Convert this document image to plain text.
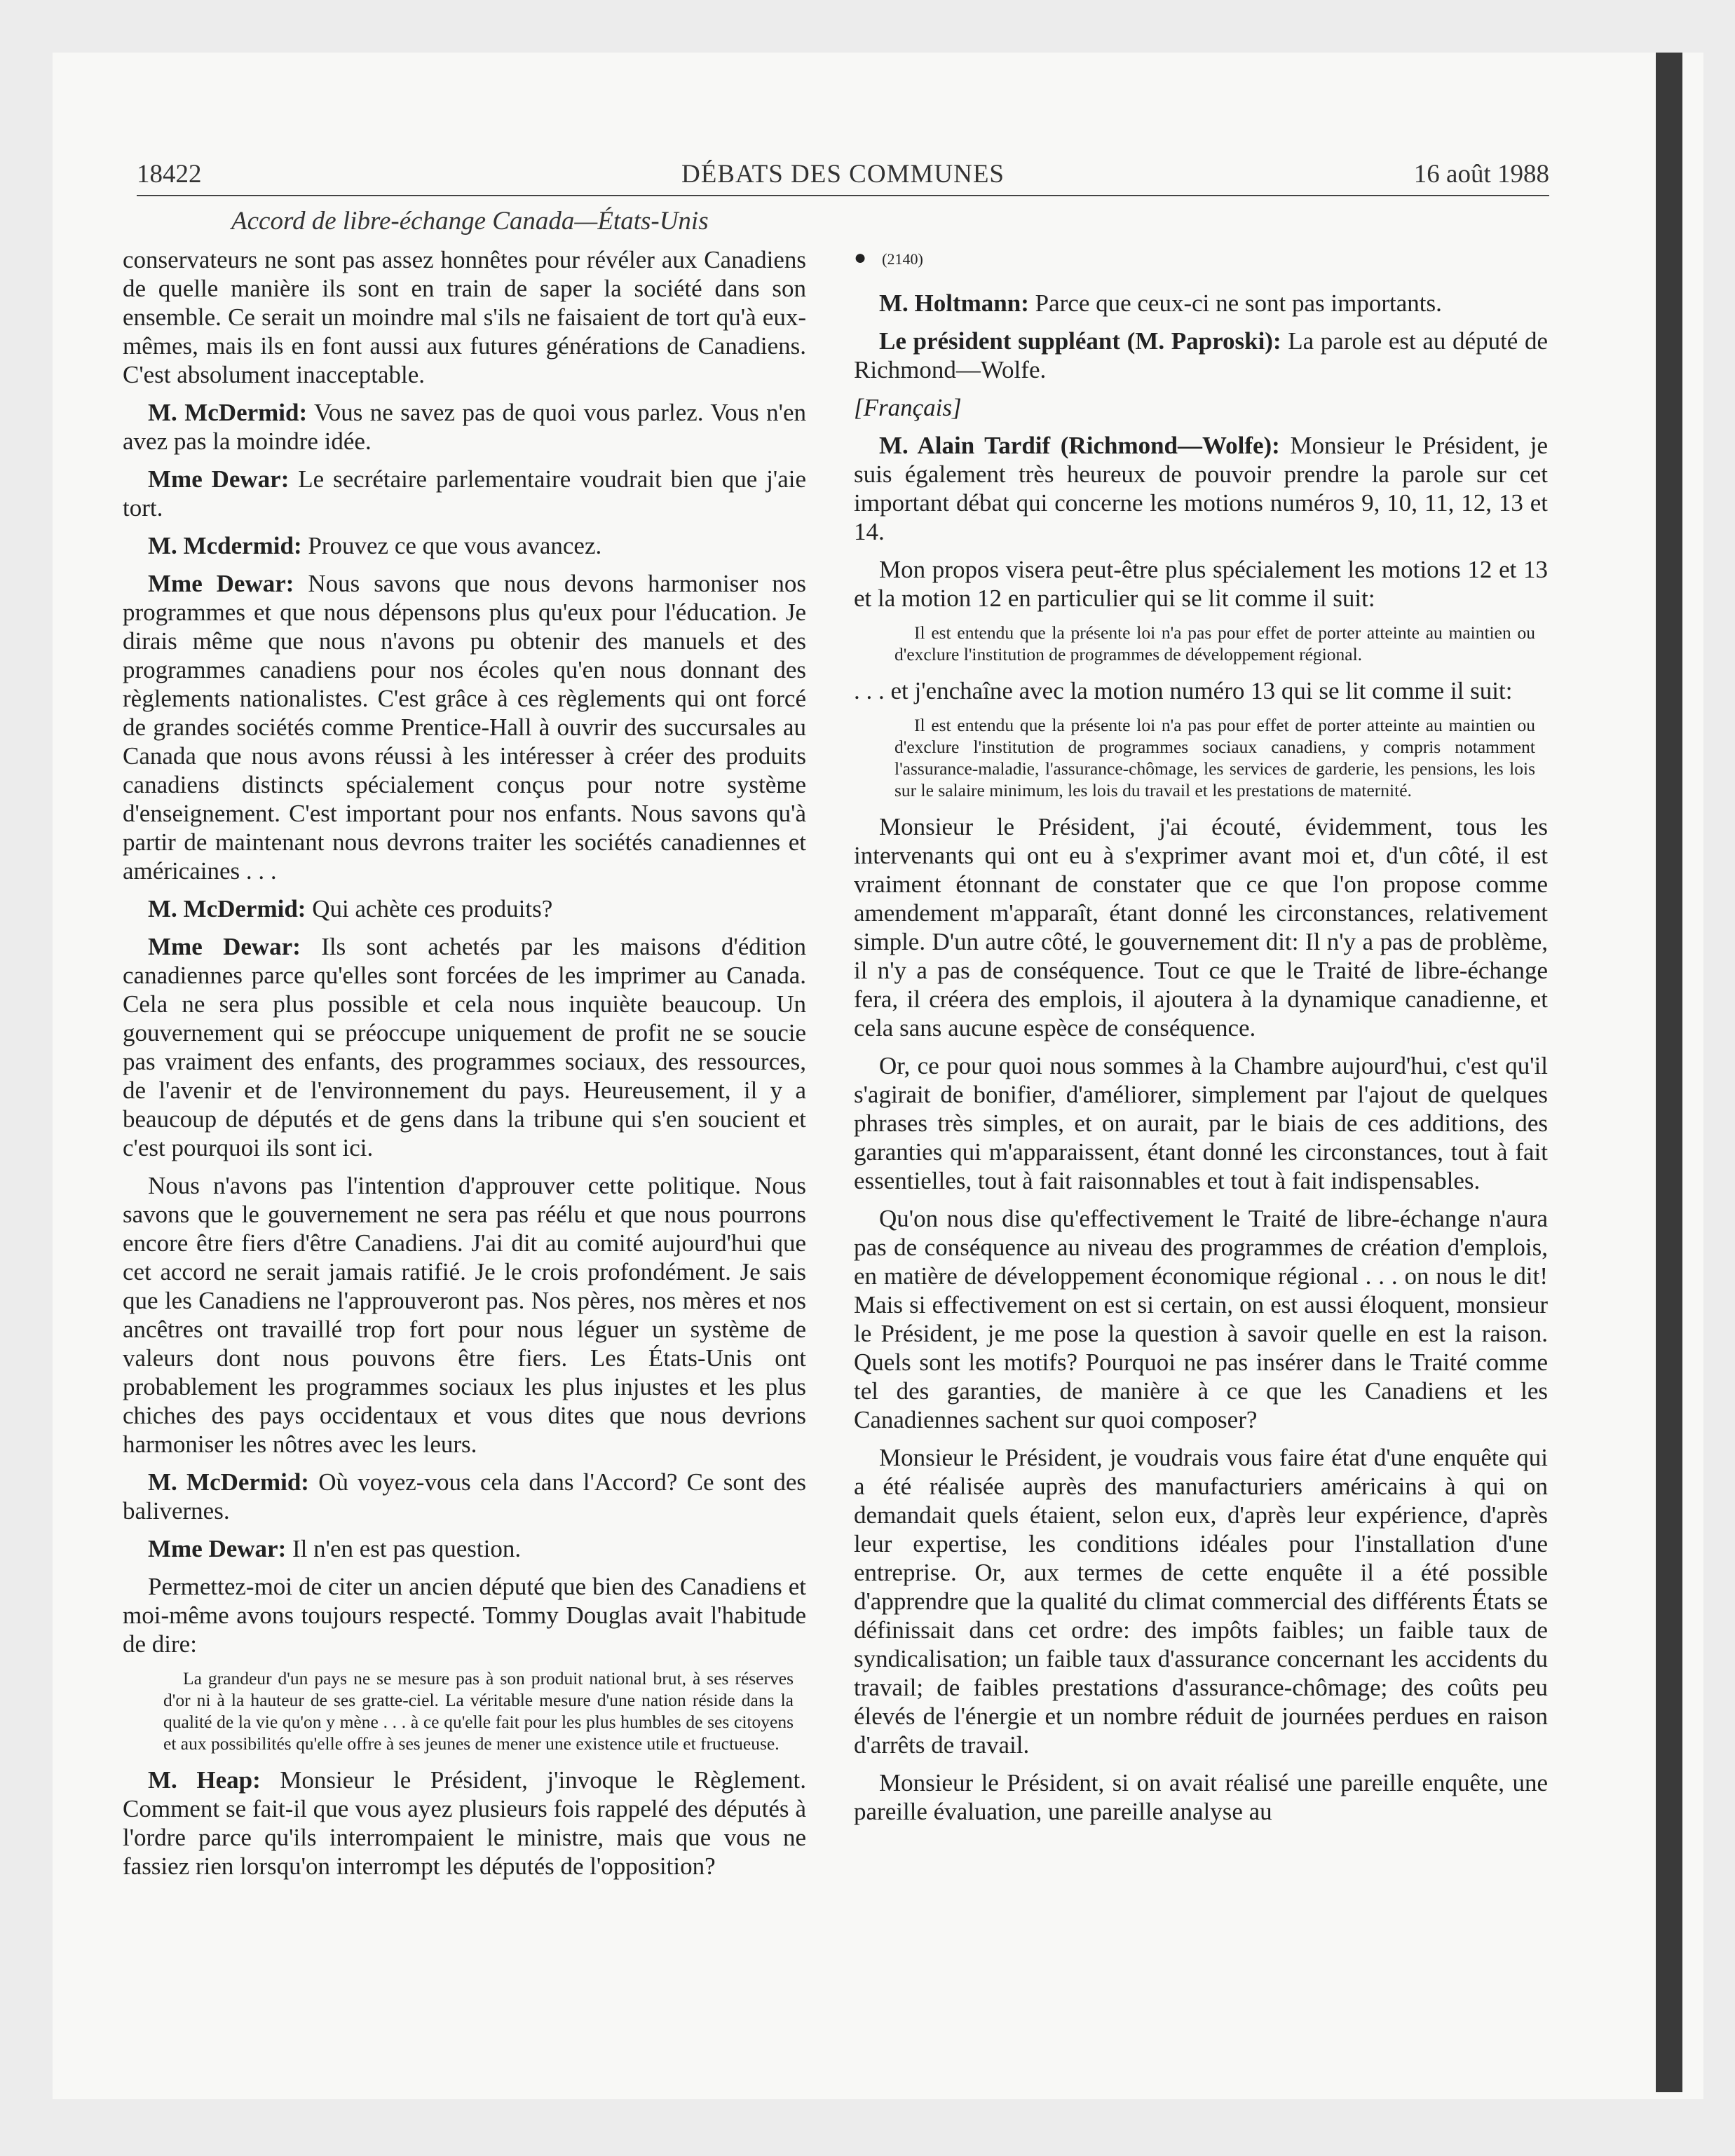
18422	DÉBATS DES COMMUNES	16 août 1988
Accord de libre-échange Canada—États-Unis

conservateurs ne sont pas assez honnêtes pour révéler aux Canadiens de quelle manière ils sont en train de saper la société dans son ensemble. Ce serait un moindre mal s'ils ne faisaient de tort qu'à eux-mêmes, mais ils en font aussi aux futures générations de Canadiens. C'est absolument inacceptable.

M. McDermid: Vous ne savez pas de quoi vous parlez. Vous n'en avez pas la moindre idée.

Mme Dewar: Le secrétaire parlementaire voudrait bien que j'aie tort.

M. Mcdermid: Prouvez ce que vous avancez.

Mme Dewar: Nous savons que nous devons harmoniser nos programmes et que nous dépensons plus qu'eux pour l'éducation. Je dirais même que nous n'avons pu obtenir des manuels et des programmes canadiens pour nos écoles qu'en nous donnant des règlements nationalistes. C'est grâce à ces règlements qui ont forcé de grandes sociétés comme Prentice-Hall à ouvrir des succursales au Canada que nous avons réussi à les intéresser à créer des produits canadiens distincts spécialement conçus pour notre système d'enseignement. C'est important pour nos enfants. Nous savons qu'à partir de maintenant nous devrons traiter les sociétés canadiennes et américaines . . .

M. McDermid: Qui achète ces produits?

Mme Dewar: Ils sont achetés par les maisons d'édition canadiennes parce qu'elles sont forcées de les imprimer au Canada. Cela ne sera plus possible et cela nous inquiète beaucoup. Un gouvernement qui se préoccupe uniquement de profit ne se soucie pas vraiment des enfants, des programmes sociaux, des ressources, de l'avenir et de l'environnement du pays. Heureusement, il y a beaucoup de députés et de gens dans la tribune qui s'en soucient et c'est pourquoi ils sont ici.

Nous n'avons pas l'intention d'approuver cette politique. Nous savons que le gouvernement ne sera pas réélu et que nous pourrons encore être fiers d'être Canadiens. J'ai dit au comité aujourd'hui que cet accord ne serait jamais ratifié. Je le crois profondément. Je sais que les Canadiens ne l'approuveront pas. Nos pères, nos mères et nos ancêtres ont travaillé trop fort pour nous léguer un système de valeurs dont nous pouvons être fiers. Les États-Unis ont probablement les programmes sociaux les plus injustes et les plus chiches des pays occidentaux et vous dites que nous devrions harmoniser les nôtres avec les leurs.

M. McDermid: Où voyez-vous cela dans l'Accord? Ce sont des balivernes.

Mme Dewar: Il n'en est pas question.

Permettez-moi de citer un ancien député que bien des Canadiens et moi-même avons toujours respecté. Tommy Douglas avait l'habitude de dire:

La grandeur d'un pays ne se mesure pas à son produit national brut, à ses réserves d'or ni à la hauteur de ses gratte-ciel. La véritable mesure d'une nation réside dans la qualité de la vie qu'on y mène . . . à ce qu'elle fait pour les plus humbles de ses citoyens et aux possibilités qu'elle offre à ses jeunes de mener une existence utile et fructueuse.

M. Heap: Monsieur le Président, j'invoque le Règlement. Comment se fait-il que vous ayez plusieurs fois rappelé des députés à l'ordre parce qu'ils interrompaient le ministre, mais que vous ne fassiez rien lorsqu'on interrompt les députés de l'opposition?

● (2140)

M. Holtmann: Parce que ceux-ci ne sont pas importants.

Le président suppléant (M. Paproski): La parole est au député de Richmond—Wolfe.

[Français]

M. Alain Tardif (Richmond—Wolfe): Monsieur le Président, je suis également très heureux de pouvoir prendre la parole sur cet important débat qui concerne les motions numéros 9, 10, 11, 12, 13 et 14.

Mon propos visera peut-être plus spécialement les motions 12 et 13 et la motion 12 en particulier qui se lit comme il suit:

Il est entendu que la présente loi n'a pas pour effet de porter atteinte au maintien ou d'exclure l'institution de programmes de développement régional.

. . . et j'enchaîne avec la motion numéro 13 qui se lit comme il suit:

Il est entendu que la présente loi n'a pas pour effet de porter atteinte au maintien ou d'exclure l'institution de programmes sociaux canadiens, y compris notamment l'assurance-maladie, l'assurance-chômage, les services de garderie, les pensions, les lois sur le salaire minimum, les lois du travail et les prestations de maternité.

Monsieur le Président, j'ai écouté, évidemment, tous les intervenants qui ont eu à s'exprimer avant moi et, d'un côté, il est vraiment étonnant de constater que ce que l'on propose comme amendement m'apparaît, étant donné les circonstances, relativement simple. D'un autre côté, le gouvernement dit: Il n'y a pas de problème, il n'y a pas de conséquence. Tout ce que le Traité de libre-échange fera, il créera des emplois, il ajoutera à la dynamique canadienne, et cela sans aucune espèce de conséquence.

Or, ce pour quoi nous sommes à la Chambre aujourd'hui, c'est qu'il s'agirait de bonifier, d'améliorer, simplement par l'ajout de quelques phrases très simples, et on aurait, par le biais de ces additions, des garanties qui m'apparaissent, étant donné les circonstances, tout à fait essentielles, tout à fait raisonnables et tout à fait indispensables.

Qu'on nous dise qu'effectivement le Traité de libre-échange n'aura pas de conséquence au niveau des programmes de création d'emplois, en matière de développement économique régional . . . on nous le dit! Mais si effectivement on est si certain, on est aussi éloquent, monsieur le Président, je me pose la question à savoir quelle en est la raison. Quels sont les motifs? Pourquoi ne pas insérer dans le Traité comme tel des garanties, de manière à ce que les Canadiens et les Canadiennes sachent sur quoi composer?

Monsieur le Président, je voudrais vous faire état d'une enquête qui a été réalisée auprès des manufacturiers américains à qui on demandait quels étaient, selon eux, d'après leur expérience, d'après leur expertise, les conditions idéales pour l'installation d'une entreprise. Or, aux termes de cette enquête il a été possible d'apprendre que la qualité du climat commercial des différents États se définissait dans cet ordre: des impôts faibles; un faible taux de syndicalisation; un faible taux d'assurance concernant les accidents du travail; de faibles prestations d'assurance-chômage; des coûts peu élevés de l'énergie et un nombre réduit de journées perdues en raison d'arrêts de travail.

Monsieur le Président, si on avait réalisé une pareille enquête, une pareille évaluation, une pareille analyse au
